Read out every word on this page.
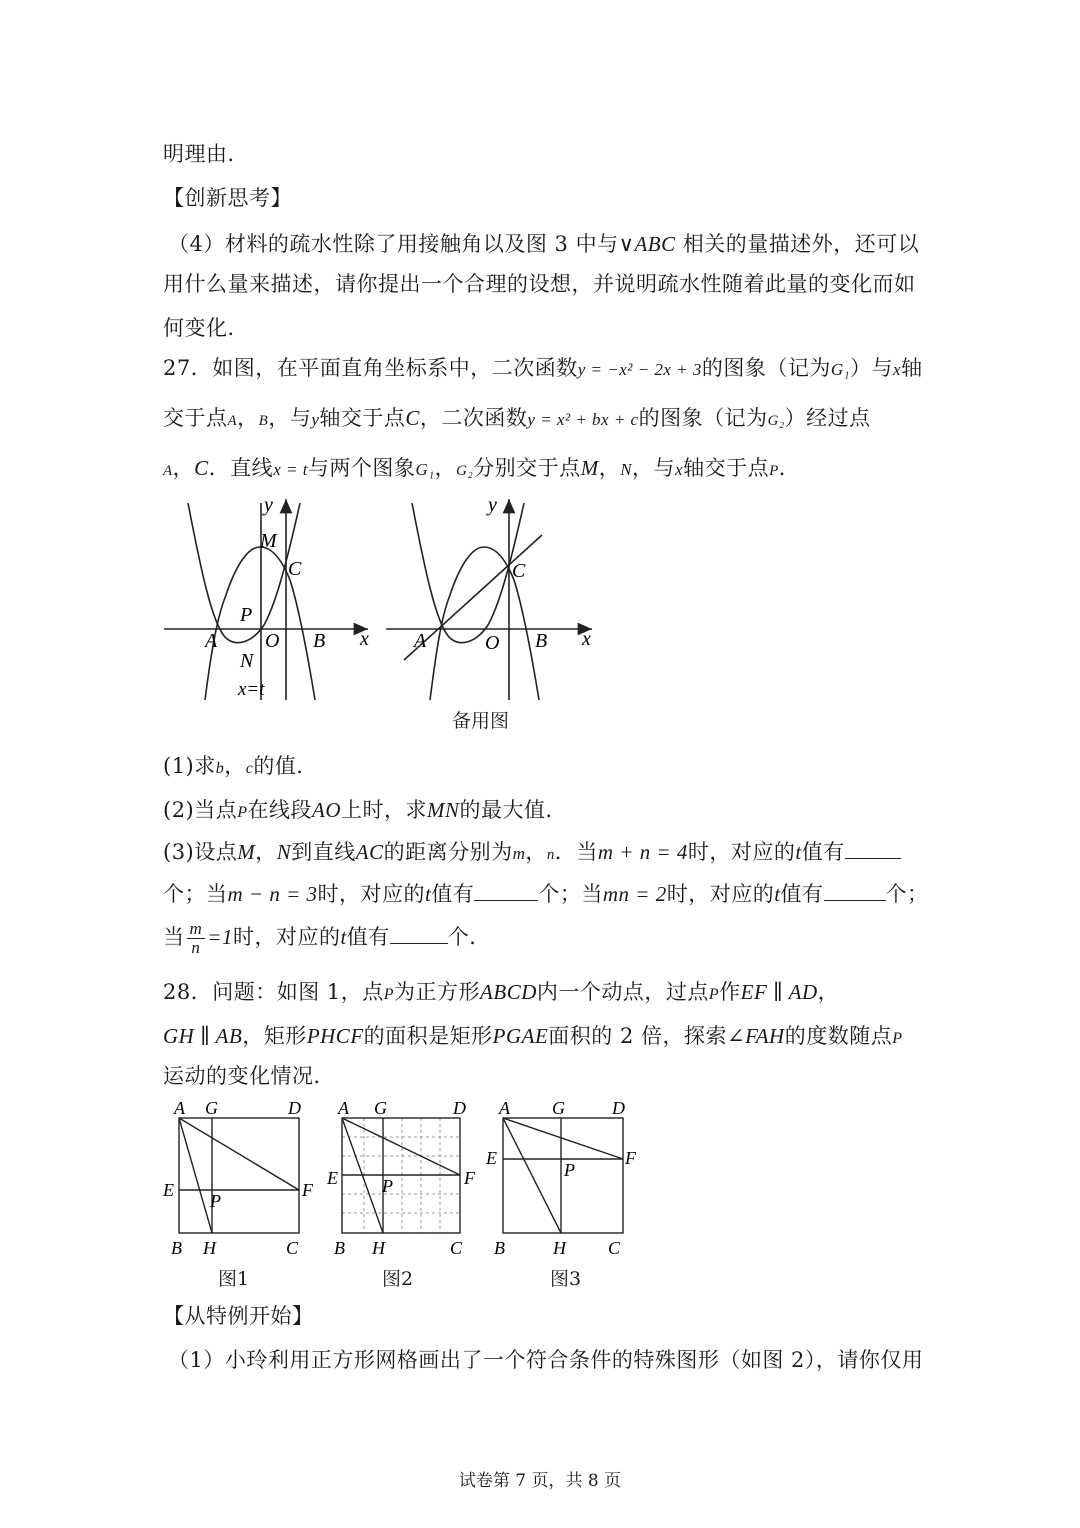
明理由．
【创新思考】
（4）材料的疏水性除了用接触角以及图 3 中与∨ABC 相关的量描述外，还可以
用什么量来描述，请你提出一个合理的设想，并说明疏水性随着此量的变化而如
何变化．
27．如图，在平面直角坐标系中，二次函数y = −x² − 2x + 3的图象（记为G₁）与x轴
交于点A，B，与y轴交于点C，二次函数y = x² + bx + c的图象（记为G₂）经过点
A，C．直线x = t与两个图象G₁，G₂分别交于点M，N，与x轴交于点P．
y
x
M
C
P
A O B
N
x=t
y
x
C
A	O B
备用图
(1)求b，c的值．
(2)当点P在线段AO上时，求MN的最大值．
(3)设点M，N到直线AC的距离分别为m，n．当m + n = 4时，对应的t值有
个；当m − n = 3时，对应的t值有	个；当mn = 2时，对应的t值有	个；
当 $\frac{m}{n} =1$时，对应的t值有	个．
28．问题：如图 1，点P为正方形ABCD内一个动点，过点P作EF ∥ AD，
GH ∥ AB，矩形PHCF的面积是矩形PGAE面积的 2 倍，探索∠FAH的度数随点P
运动的变化情况．
A G	D
E	F
P
B H	C
A G	D
E	F
P
B H	C
A G	D
E	F
P
B	H C
图1	图2	图3
【从特例开始】
（1）小玲利用正方形网格画出了一个符合条件的特殊图形（如图 2），请你仅用
试卷第 7 页，共 8 页
